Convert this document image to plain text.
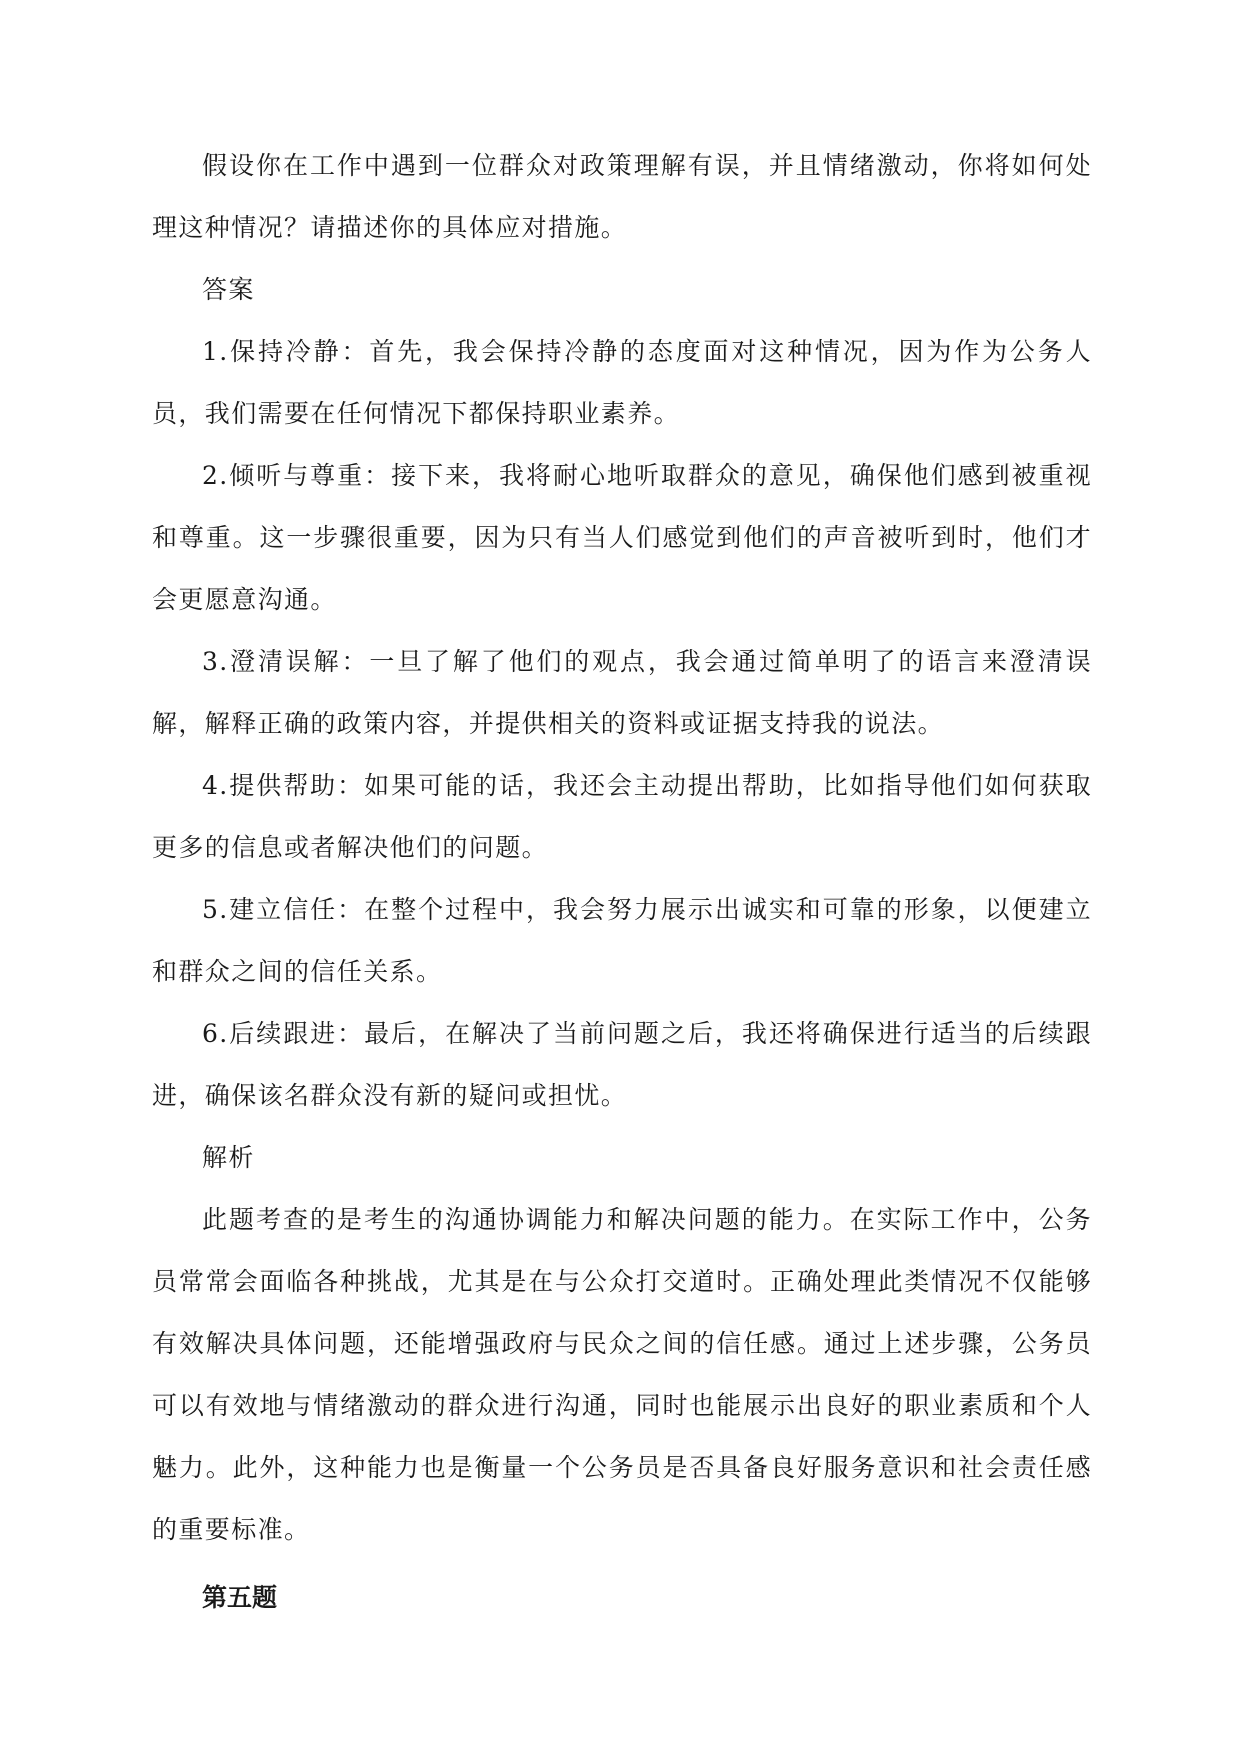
假设你在工作中遇到一位群众对政策理解有误，并且情绪激动，你将如何处理这种情况？请描述你的具体应对措施。

答案

1.保持冷静：首先，我会保持冷静的态度面对这种情况，因为作为公务人员，我们需要在任何情况下都保持职业素养。

2.倾听与尊重：接下来，我将耐心地听取群众的意见，确保他们感到被重视和尊重。这一步骤很重要，因为只有当人们感觉到他们的声音被听到时，他们才会更愿意沟通。

3.澄清误解：一旦了解了他们的观点，我会通过简单明了的语言来澄清误解，解释正确的政策内容，并提供相关的资料或证据支持我的说法。

4.提供帮助：如果可能的话，我还会主动提出帮助，比如指导他们如何获取更多的信息或者解决他们的问题。

5.建立信任：在整个过程中，我会努力展示出诚实和可靠的形象，以便建立和群众之间的信任关系。

6.后续跟进：最后，在解决了当前问题之后，我还将确保进行适当的后续跟进，确保该名群众没有新的疑问或担忧。

解析

此题考查的是考生的沟通协调能力和解决问题的能力。在实际工作中，公务员常常会面临各种挑战，尤其是在与公众打交道时。正确处理此类情况不仅能够有效解决具体问题，还能增强政府与民众之间的信任感。通过上述步骤，公务员可以有效地与情绪激动的群众进行沟通，同时也能展示出良好的职业素质和个人魅力。此外，这种能力也是衡量一个公务员是否具备良好服务意识和社会责任感的重要标准。

第五题
